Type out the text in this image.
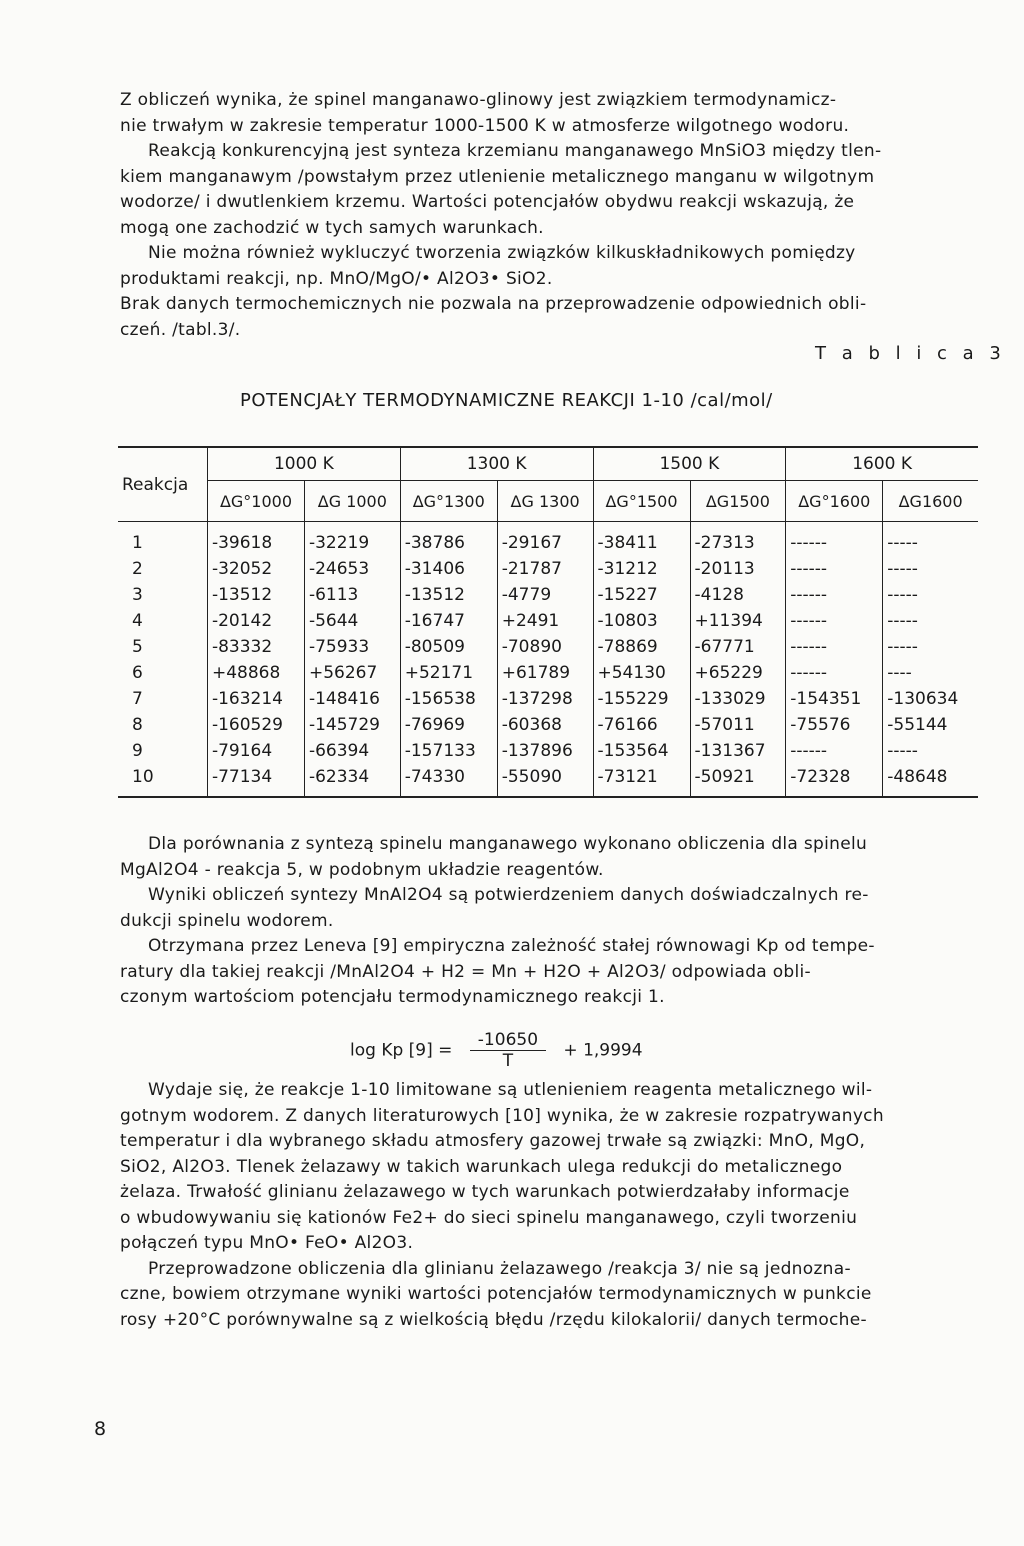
Z obliczeń wynika, że spinel manganawo-glinowy jest związkiem termodynamicz-
nie trwałym w zakresie temperatur 1000-1500 K w atmosferze wilgotnego wodoru.
Reakcją konkurencyjną jest synteza krzemianu manganawego MnSiO3 między tlen-
kiem manganawym /powstałym przez utlenienie metalicznego manganu w wilgotnym
wodorze/ i dwutlenkiem krzemu. Wartości potencjałów obydwu reakcji wskazują, że
mogą one zachodzić w tych samych warunkach.
Nie można również wykluczyć tworzenia związków kilkuskładnikowych pomiędzy
produktami reakcji, np. MnO/MgO/• Al2O3• SiO2.
Brak danych termochemicznych nie pozwala na przeprowadzenie odpowiednich obli-
czeń. /tabl.3/.
T a b l i c a 3
POTENCJAŁY TERMODYNAMICZNE REAKCJI 1-10 /cal/mol/
Reakcja	1000 K		1300 K		1500 K		1600 K	
	ΔG°1000	ΔG 1000	ΔG°1300	ΔG 1300	ΔG°1500	ΔG1500	ΔG°1600	ΔG1600
1	-39618	-32219	-38786	-29167	-38411	-27313	------	-----
2	-32052	-24653	-31406	-21787	-31212	-20113	------	-----
3	-13512	-6113	-13512	-4779	-15227	-4128	------	-----
4	-20142	-5644	-16747	+2491	-10803	+11394	------	-----
5	-83332	-75933	-80509	-70890	-78869	-67771	------	-----
6	+48868	+56267	+52171	+61789	+54130	+65229	------	----
7	-163214	-148416	-156538	-137298	-155229	-133029	-154351	-130634
8	-160529	-145729	-76969	-60368	-76166	-57011	-75576	-55144
9	-79164	-66394	-157133	-137896	-153564	-131367	------	-----
10	-77134	-62334	-74330	-55090	-73121	-50921	-72328	-48648
Dla porównania z syntezą spinelu manganawego wykonano obliczenia dla spinelu
MgAl2O4 - reakcja 5, w podobnym układzie reagentów.
Wyniki obliczeń syntezy MnAl2O4 są potwierdzeniem danych doświadczalnych re-
dukcji spinelu wodorem.
Otrzymana przez Leneva [9] empiryczna zależność stałej równowagi Kp od tempe-
ratury dla takiej reakcji /MnAl2O4 + H2 = Mn + H2O + Al2O3/ odpowiada obli-
czonym wartościom potencjału termodynamicznego reakcji 1.
log Kp $[9] = \frac{-10650}{T} + 1,9994$
Wydaje się, że reakcje 1-10 limitowane są utlenieniem reagenta metalicznego wil-
gotnym wodorem. Z danych literaturowych [10] wynika, że w zakresie rozpatrywanych
temperatur i dla wybranego składu atmosfery gazowej trwałe są związki: MnO, MgO,
SiO2, Al2O3. Tlenek żelazawy w takich warunkach ulega redukcji do metalicznego
żelaza. Trwałość glinianu żelazawego w tych warunkach potwierdzałaby informacje
o wbudowywaniu się kationów Fe2+ do sieci spinelu manganawego, czyli tworzeniu
połączeń typu MnO• FeO• Al2O3.
Przeprowadzone obliczenia dla glinianu żelazawego /reakcja 3/ nie są jednozna-
czne, bowiem otrzymane wyniki wartości potencjałów termodynamicznych w punkcie
rosy +20°C porównywalne są z wielkością błędu /rzędu kilokalorii/ danych termoche-
8
